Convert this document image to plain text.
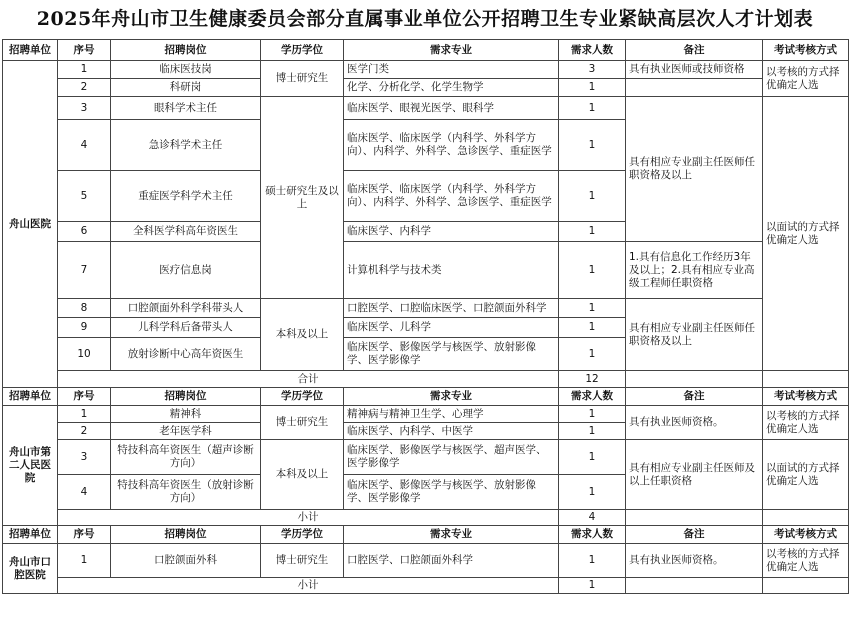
2025年舟山市卫生健康委员会部分直属事业单位公开招聘卫生专业紧缺高层次人才计划表
招聘单位	序号	招聘岗位	学历学位	需求专业	需求人数	备注	考试考核方式
舟山医院	1	临床医技岗	博士研究生	医学门类	3	具有执业医师或技师资格	以考核的方式择优确定人选
	2	科研岗		化学、分析化学、化学生物学	1		
	3	眼科学术主任	硕士研究生及以上	临床医学、眼视光医学、眼科学	1	具有相应专业副主任医师任职资格及以上	以面试的方式择优确定人选
	4	急诊科学术主任		临床医学、临床医学（内科学、外科学方向）、内科学、外科学、急诊医学、重症医学	1		
	5	重症医学科学术主任		临床医学、临床医学（内科学、外科学方向）、内科学、外科学、急诊医学、重症医学	1		
	6	全科医学科高年资医生		临床医学、内科学	1		
	7	医疗信息岗		计算机科学与技术类	1	1.具有信息化工作经历3年及以上；2.具有相应专业高级工程师任职资格	
	8	口腔颌面外科学科带头人	本科及以上	口腔医学、口腔临床医学、口腔颌面外科学	1	具有相应专业副主任医师任职资格及以上	
	9	儿科学科后备带头人		临床医学、儿科学	1		
	10	放射诊断中心高年资医生		临床医学、影像医学与核医学、放射影像学、医学影像学	1		
	合计				12		
招聘单位	序号	招聘岗位	学历学位	需求专业	需求人数	备注	考试考核方式
舟山市第二人民医院	1	精神科	博士研究生	精神病与精神卫生学、心理学	1	具有执业医师资格。	以考核的方式择优确定人选
	2	老年医学科		临床医学、内科学、中医学	1		
	3	特技科高年资医生（超声诊断方向）	本科及以上	临床医学、影像医学与核医学、超声医学、医学影像学	1	具有相应专业副主任医师及以上任职资格	以面试的方式择优确定人选
	4	特技科高年资医生（放射诊断方向）		临床医学、影像医学与核医学、放射影像学、医学影像学	1		
	小计				4		
招聘单位	序号	招聘岗位	学历学位	需求专业	需求人数	备注	考试考核方式
舟山市口腔医院	1	口腔颌面外科	博士研究生	口腔医学、口腔颌面外科学	1	具有执业医师资格。	以考核的方式择优确定人选
	小计				1		
